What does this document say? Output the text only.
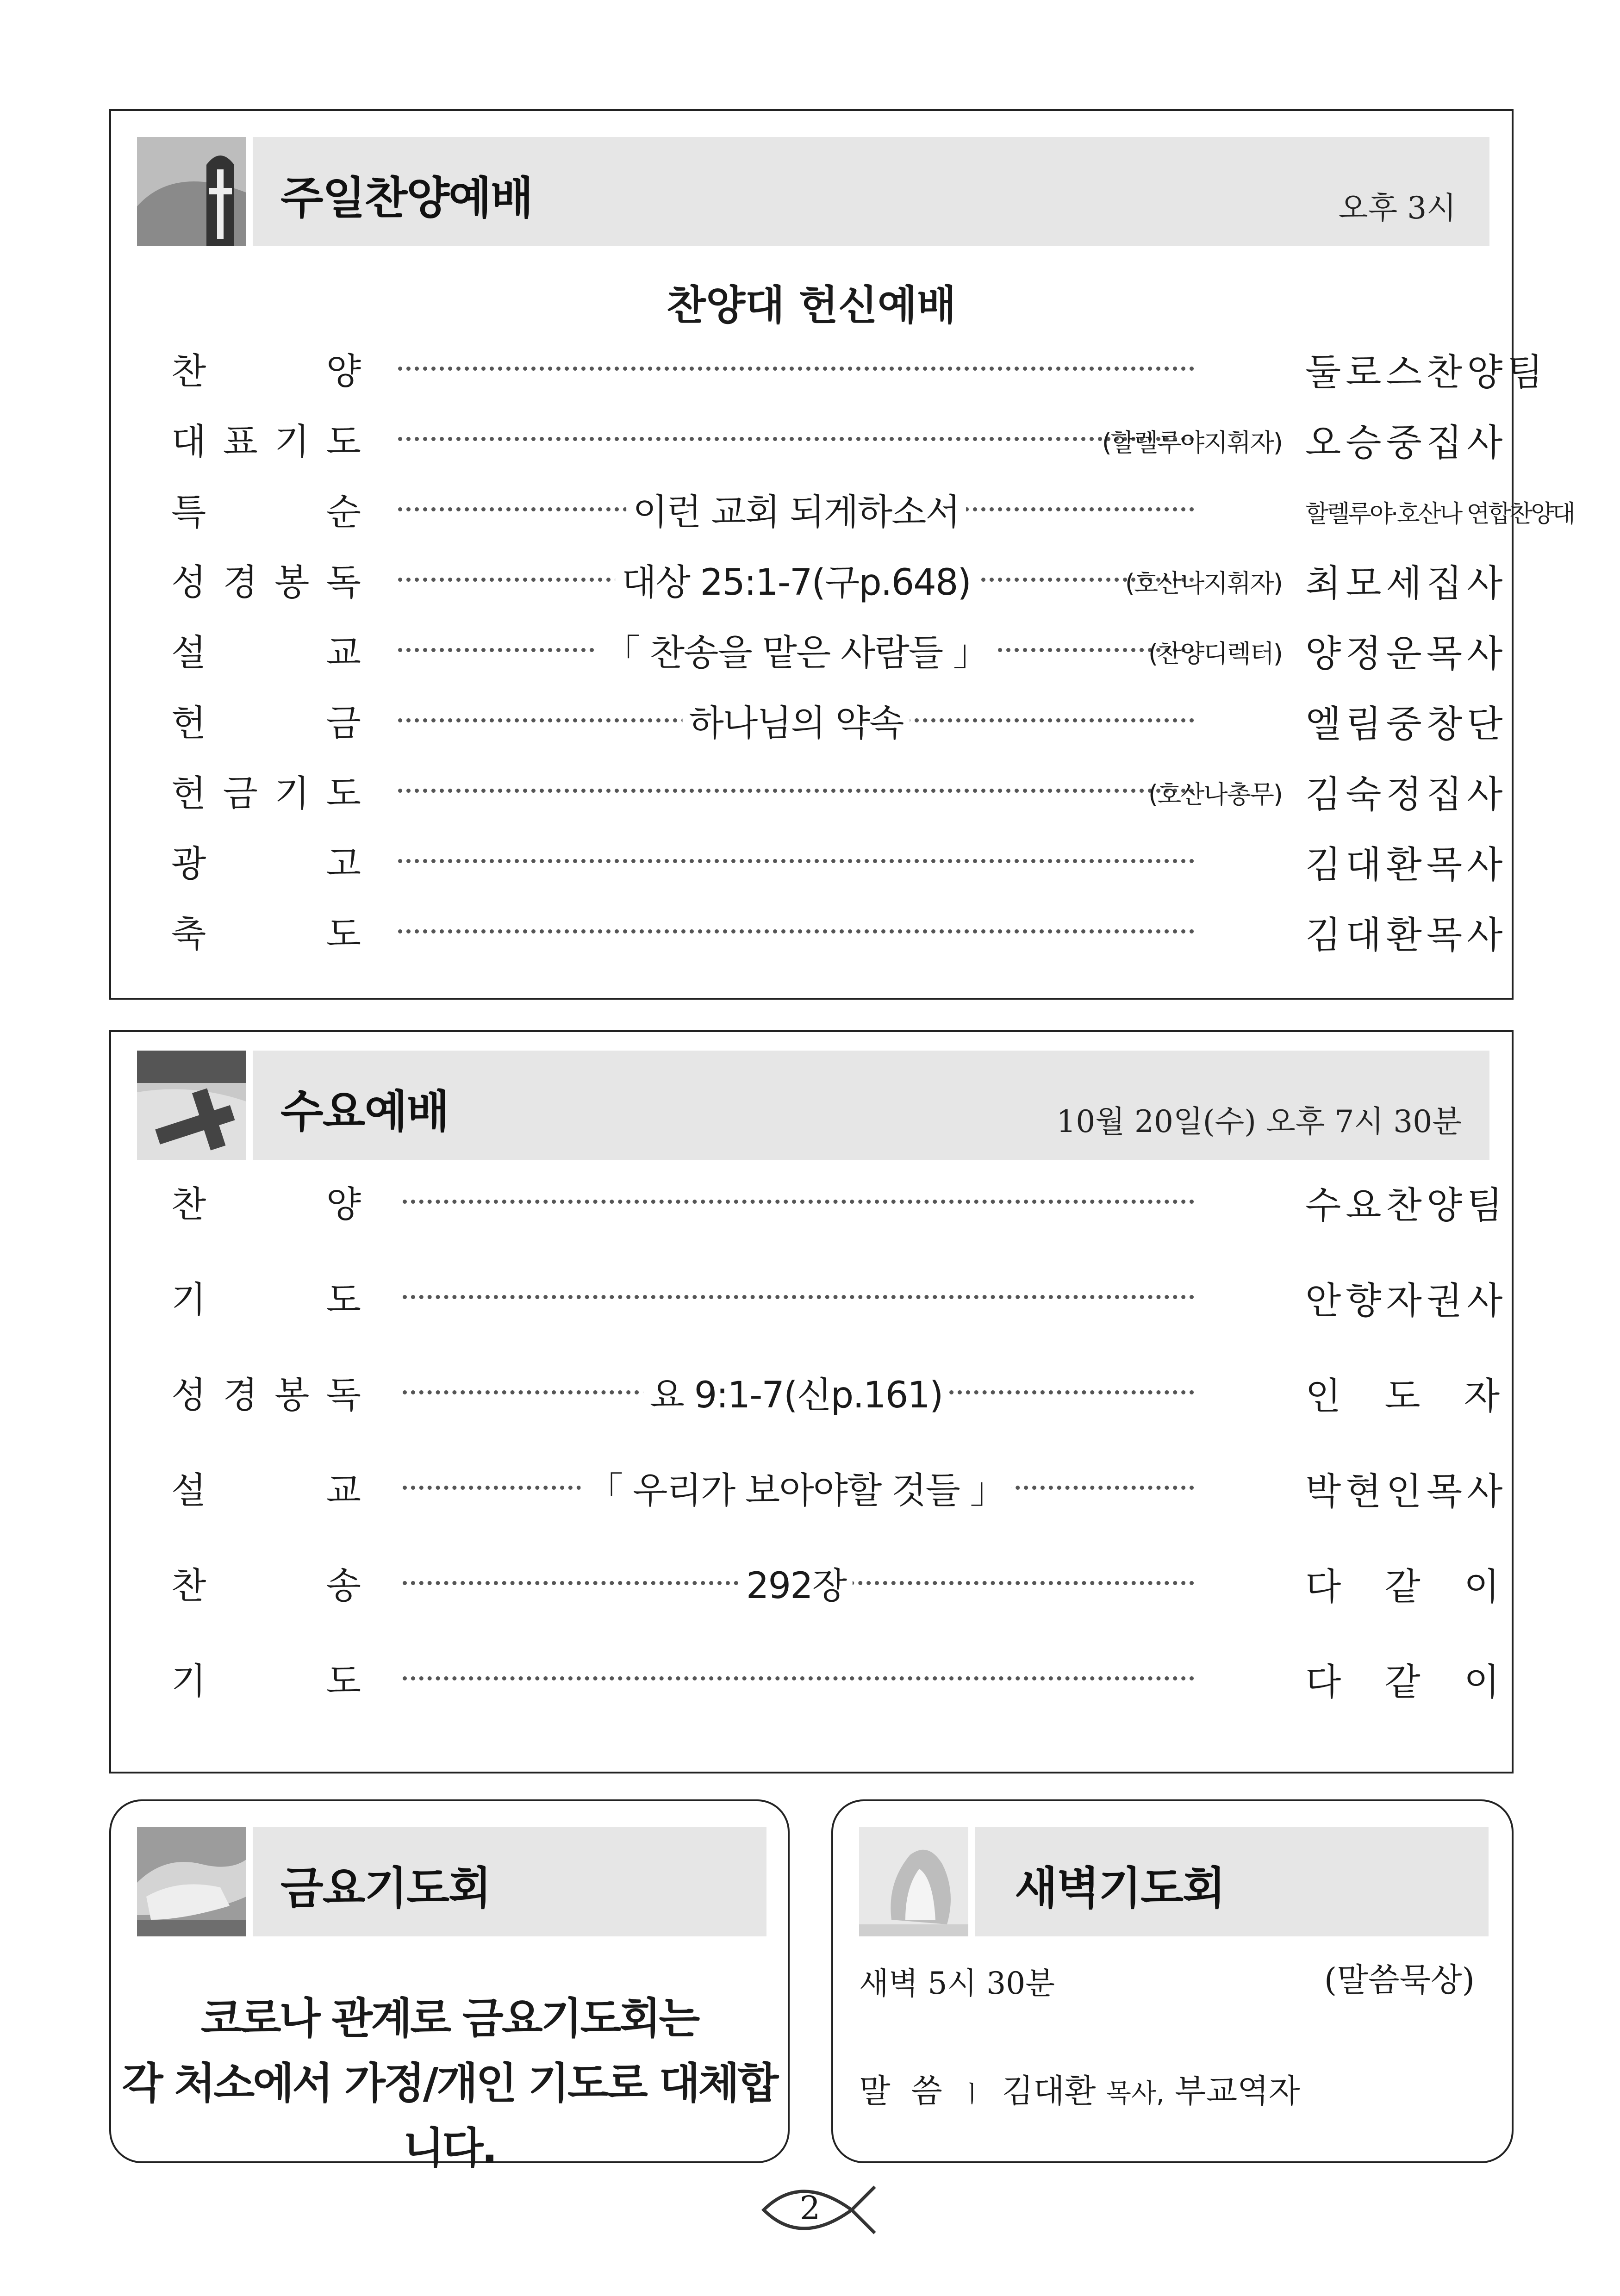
주일찬양예배	오후 3시
찬양대 헌신예배
찬	양	둘로스찬양팀
대 표 기 도	(할렐루야지휘자) 오승중집사
특	순	이런 교회 되게하소서	할렐루야·호산나 연합찬양대
성 경 봉 독	대상 25:1-7(구p.648)	(호산나지휘자) 최모세집사
설	교	「 찬송을 맡은 사람들 」	(찬양디렉터) 양정운목사
헌	금	하나님의 약속	엘림중창단
헌 금 기 도	(호산나총무) 김숙정집사
광	고	김대환목사
축	도	김대환목사
수요예배	10월 20일(수) 오후 7시 30분
찬	양	수요찬양팀
기	도	안향자권사
성 경 봉 독	요 9:1-7(신p.161)	인 도 자
설	교	「 우리가 보아야할 것들 」	박현인목사
찬	송	292장	다 같 이
기	도	다 같 이
금요기도회
코로나 관계로 금요기도회는
각 처소에서 가정/개인 기도로 대체합니다.
새벽기도회
새벽 5시 30분	(말씀묵상)
말  씀 ㅣ 김대환 목사, 부교역자
2
